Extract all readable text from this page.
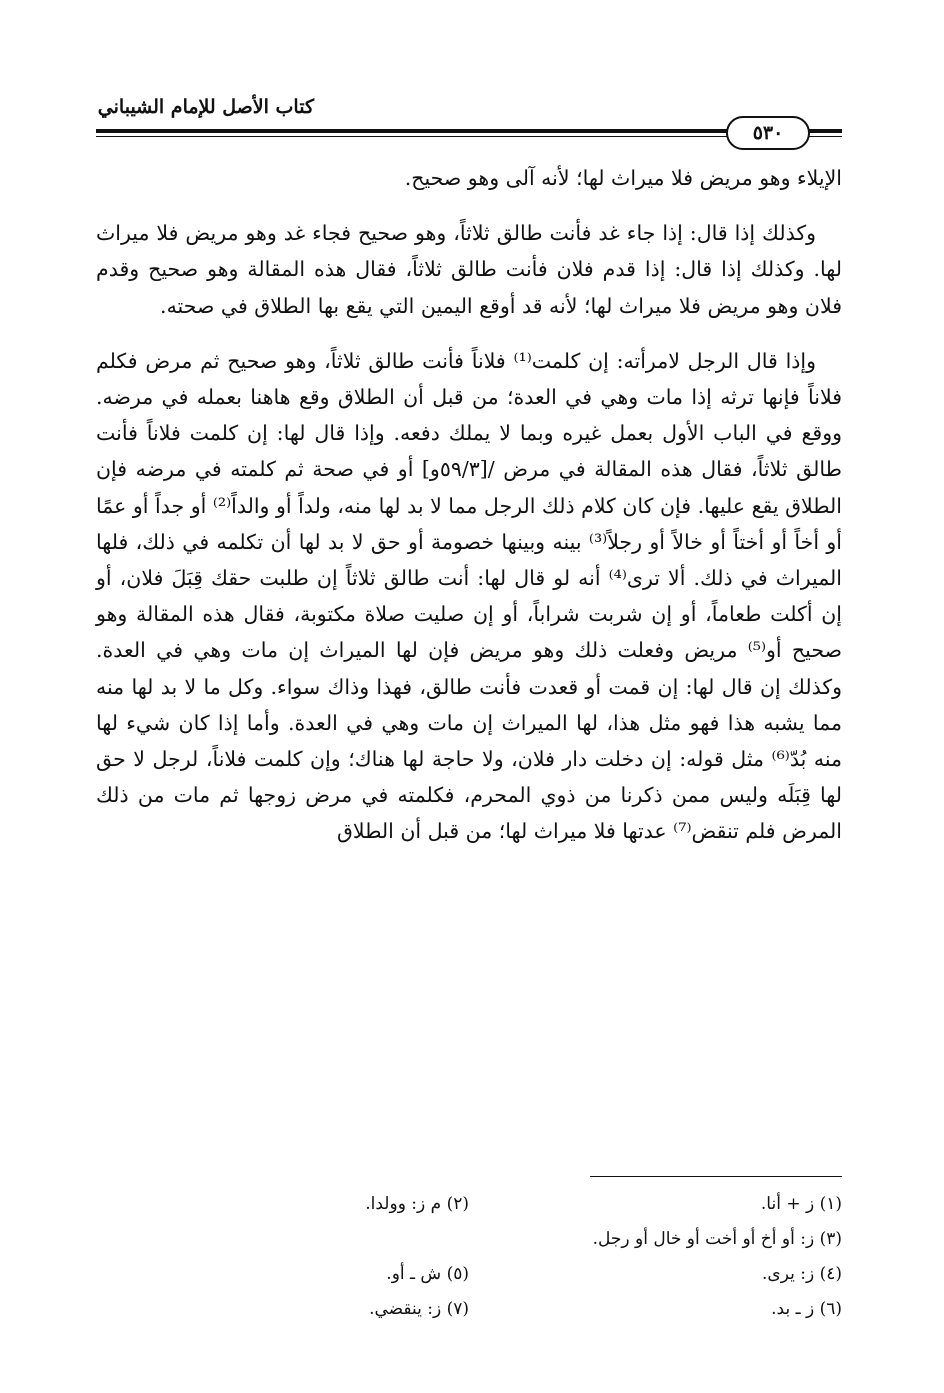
كتاب الأصل للإمام الشيباني
٥٣٠

الإيلاء وهو مريض فلا ميراث لها؛ لأنه آلى وهو صحيح.

وكذلك إذا قال: إذا جاء غد فأنت طالق ثلاثاً، وهو صحيح فجاء غد وهو مريض فلا ميراث لها. وكذلك إذا قال: إذا قدم فلان فأنت طالق ثلاثاً، فقال هذه المقالة وهو صحيح وقدم فلان وهو مريض فلا ميراث لها؛ لأنه قد أوقع اليمين التي يقع بها الطلاق في صحته.

وإذا قال الرجل لامرأته: إن كلمت⁽¹⁾ فلاناً فأنت طالق ثلاثاً، وهو صحيح ثم مرض فكلم فلاناً فإنها ترثه إذا مات وهي في العدة؛ من قبل أن الطلاق وقع هاهنا بعمله في مرضه. ووقع في الباب الأول بعمل غيره وبما لا يملك دفعه. وإذا قال لها: إن كلمت فلاناً فأنت طالق ثلاثاً، فقال هذه المقالة في مرض /[٥٩/٣و] أو في صحة ثم كلمته في مرضه فإن الطلاق يقع عليها. فإن كان كلام ذلك الرجل مما لا بد لها منه، ولداً أو والداً⁽²⁾ أو جداً أو عمًا أو أخاً أو أختاً أو خالاً أو رجلاً⁽³⁾ بينه وبينها خصومة أو حق لا بد لها أن تكلمه في ذلك، فلها الميراث في ذلك. ألا ترى⁽⁴⁾ أنه لو قال لها: أنت طالق ثلاثاً إن طلبت حقك قِبَلَ فلان، أو إن أكلت طعاماً، أو إن شربت شراباً، أو إن صليت صلاة مكتوبة، فقال هذه المقالة وهو صحيح أو⁽⁵⁾ مريض وفعلت ذلك وهو مريض فإن لها الميراث إن مات وهي في العدة. وكذلك إن قال لها: إن قمت أو قعدت فأنت طالق، فهذا وذاك سواء. وكل ما لا بد لها منه مما يشبه هذا فهو مثل هذا، لها الميراث إن مات وهي في العدة. وأما إذا كان شيء لها منه بُدّ⁽⁶⁾ مثل قوله: إن دخلت دار فلان، ولا حاجة لها هناك؛ وإن كلمت فلاناً، لرجل لا حق لها قِبَلَه وليس ممن ذكرنا من ذوي المحرم، فكلمته في مرض زوجها ثم مات من ذلك المرض فلم تنقض⁽⁷⁾ عدتها فلا ميراث لها؛ من قبل أن الطلاق

(١) ز + أنا.
(٢) م ز: وولدا.
(٣) ز: أو أخ أو أخت أو خال أو رجل.
(٤) ز: يرى.
(٥) ش ـ أو.
(٦) ز ـ بد.
(٧) ز: ينقضي.
